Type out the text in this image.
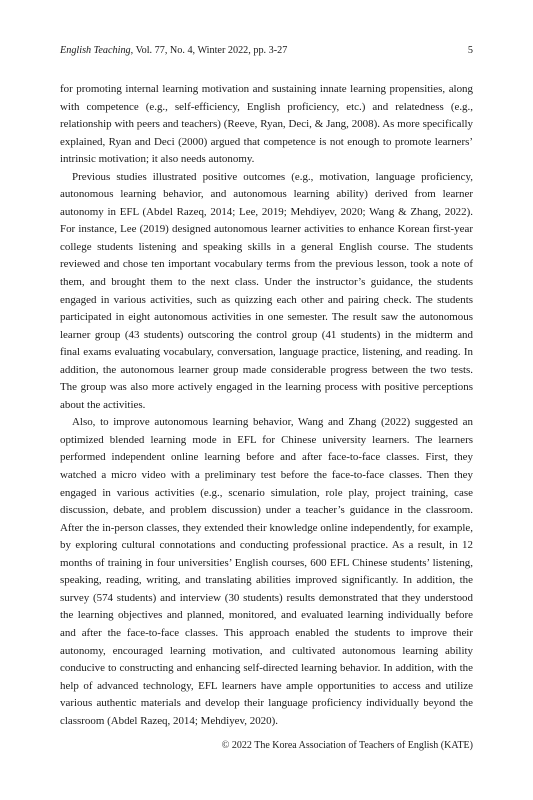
English Teaching, Vol. 77, No. 4, Winter 2022, pp. 3-27	5

for promoting internal learning motivation and sustaining innate learning propensities, along with competence (e.g., self-efficiency, English proficiency, etc.) and relatedness (e.g., relationship with peers and teachers) (Reeve, Ryan, Deci, & Jang, 2008). As more specifically explained, Ryan and Deci (2000) argued that competence is not enough to promote learners’ intrinsic motivation; it also needs autonomy.

Previous studies illustrated positive outcomes (e.g., motivation, language proficiency, autonomous learning behavior, and autonomous learning ability) derived from learner autonomy in EFL (Abdel Razeq, 2014; Lee, 2019; Mehdiyev, 2020; Wang & Zhang, 2022). For instance, Lee (2019) designed autonomous learner activities to enhance Korean first-year college students listening and speaking skills in a general English course. The students reviewed and chose ten important vocabulary terms from the previous lesson, took a note of them, and brought them to the next class. Under the instructor’s guidance, the students engaged in various activities, such as quizzing each other and pairing check. The students participated in eight autonomous activities in one semester. The result saw the autonomous learner group (43 students) outscoring the control group (41 students) in the midterm and final exams evaluating vocabulary, conversation, language practice, listening, and reading. In addition, the autonomous learner group made considerable progress between the two tests. The group was also more actively engaged in the learning process with positive perceptions about the activities.

Also, to improve autonomous learning behavior, Wang and Zhang (2022) suggested an optimized blended learning mode in EFL for Chinese university learners. The learners performed independent online learning before and after face-to-face classes. First, they watched a micro video with a preliminary test before the face-to-face classes. Then they engaged in various activities (e.g., scenario simulation, role play, project training, case discussion, debate, and problem discussion) under a teacher’s guidance in the classroom. After the in-person classes, they extended their knowledge online independently, for example, by exploring cultural connotations and conducting professional practice. As a result, in 12 months of training in four universities’ English courses, 600 EFL Chinese students’ listening, speaking, reading, writing, and translating abilities improved significantly. In addition, the survey (574 students) and interview (30 students) results demonstrated that they understood the learning objectives and planned, monitored, and evaluated learning individually before and after the face-to-face classes. This approach enabled the students to improve their autonomy, encouraged learning motivation, and cultivated autonomous learning ability conducive to constructing and enhancing self-directed learning behavior. In addition, with the help of advanced technology, EFL learners have ample opportunities to access and utilize various authentic materials and develop their language proficiency individually beyond the classroom (Abdel Razeq, 2014; Mehdiyev, 2020).

© 2022 The Korea Association of Teachers of English (KATE)
